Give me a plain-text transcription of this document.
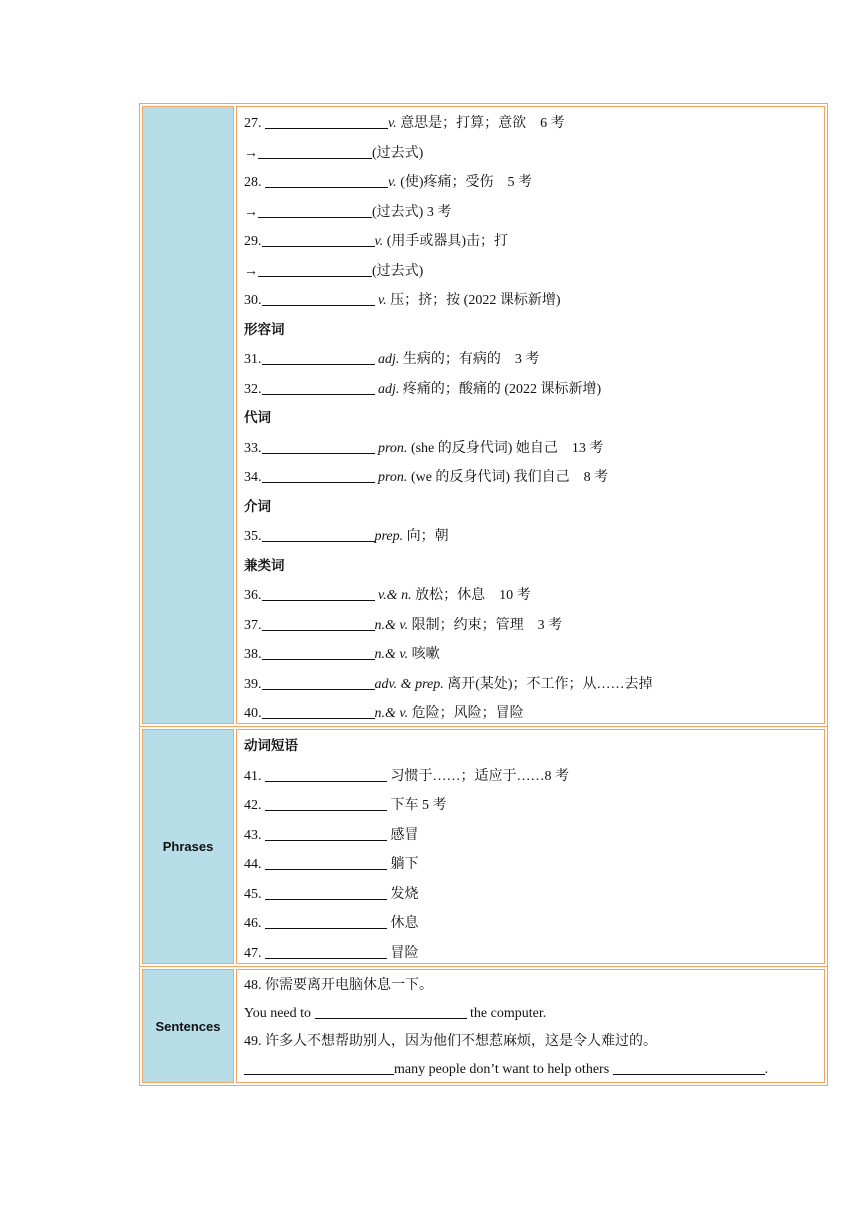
27.	v. 意思是；打算；意欲　6 考
→	(过去式)
28.	v. (使)疼痛；受伤　5 考
→	(过去式) 3 考
29.	v. (用手或器具)击；打
→	(过去式)
30.	v. 压；挤；按 (2022 课标新增)
形容词
31.	adj. 生病的；有病的　3 考
32.	adj. 疼痛的；酸痛的 (2022 课标新增)
代词
33.	pron. (she 的反身代词) 她自己　13 考
34.	pron. (we 的反身代词) 我们自己　8 考
介词
35.	prep. 向；朝
兼类词
36.	v.& n. 放松；休息　10 考
37.	n.& v. 限制；约束；管理　3 考
38.	n.& v. 咳嗽
39.	adv. & prep. 离开(某处)；不工作；从……去掉
40.	n.& v. 危险；风险；冒险
Phrases
动词短语
41.	习惯于……；适应于……8 考
42.	下车 5 考
43.	感冒
44.	躺下
45.	发烧
46.	休息
47.	冒险
Sentences
48. 你需要离开电脑休息一下。
You need to	the computer.
49. 许多人不想帮助别人，因为他们不想惹麻烦，这是令人难过的。
many people don’t want to help others	.
